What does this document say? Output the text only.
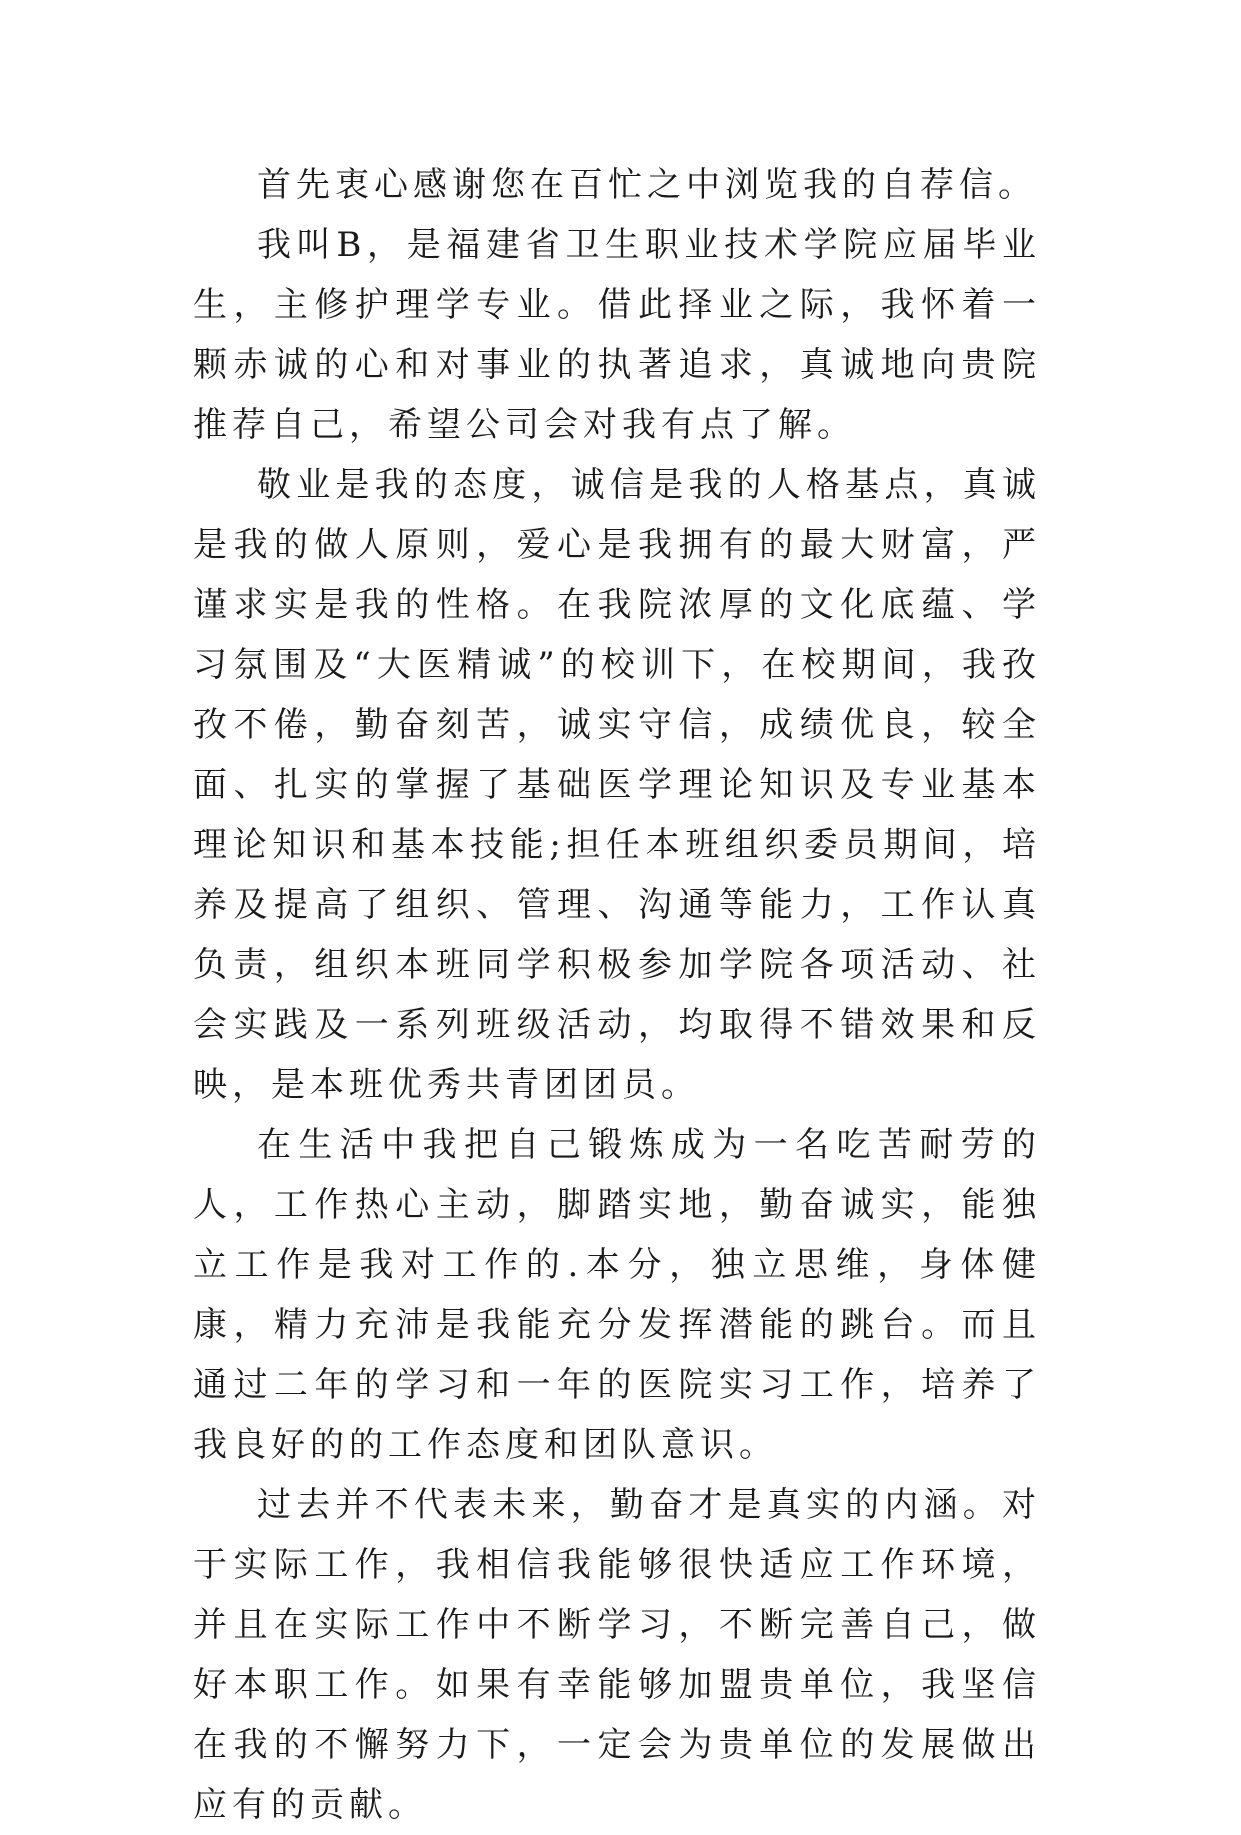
首先衷心感谢您在百忙之中浏览我的自荐信。

我叫B，是福建省卫生职业技术学院应届毕业生，主修护理学专业。借此择业之际，我怀着一颗赤诚的心和对事业的执著追求，真诚地向贵院推荐自己，希望公司会对我有点了解。

敬业是我的态度，诚信是我的人格基点，真诚是我的做人原则，爱心是我拥有的最大财富，严谨求实是我的性格。在我院浓厚的文化底蕴、学习氛围及“大医精诚”的校训下，在校期间，我孜孜不倦，勤奋刻苦，诚实守信，成绩优良，较全面、扎实的掌握了基础医学理论知识及专业基本理论知识和基本技能;担任本班组织委员期间，培养及提高了组织、管理、沟通等能力，工作认真负责，组织本班同学积极参加学院各项活动、社会实践及一系列班级活动，均取得不错效果和反映，是本班优秀共青团团员。

在生活中我把自己锻炼成为一名吃苦耐劳的人，工作热心主动，脚踏实地，勤奋诚实，能独立工作是我对工作的.本分，独立思维，身体健康，精力充沛是我能充分发挥潜能的跳台。而且通过二年的学习和一年的医院实习工作，培养了我良好的的工作态度和团队意识。

过去并不代表未来，勤奋才是真实的内涵。对于实际工作，我相信我能够很快适应工作环境，并且在实际工作中不断学习，不断完善自己，做好本职工作。如果有幸能够加盟贵单位，我坚信在我的不懈努力下，一定会为贵单位的发展做出应有的贡献。
